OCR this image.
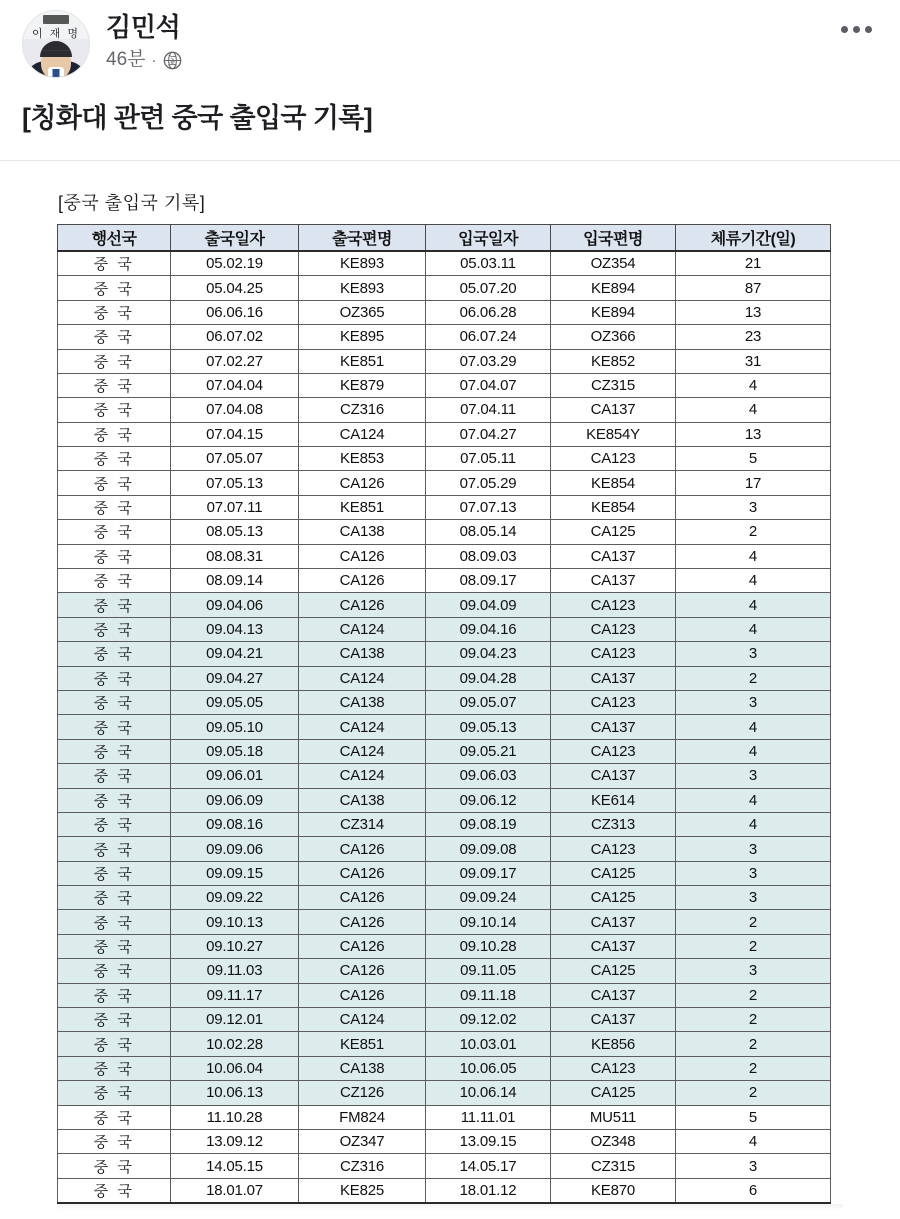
이 재 명	김민석
46분 ·
[칭화대 관련 중국 출입국 기록]
[중국 출입국 기록]
행선국	출국일자	출국편명	입국일자	입국편명	체류기간(일)
중 국	05.02.19	KE893	05.03.11	OZ354	21
중 국	05.04.25	KE893	05.07.20	KE894	87
중 국	06.06.16	OZ365	06.06.28	KE894	13
중 국	06.07.02	KE895	06.07.24	OZ366	23
중 국	07.02.27	KE851	07.03.29	KE852	31
중 국	07.04.04	KE879	07.04.07	CZ315	4
중 국	07.04.08	CZ316	07.04.11	CA137	4
중 국	07.04.15	CA124	07.04.27	KE854Y	13
중 국	07.05.07	KE853	07.05.11	CA123	5
중 국	07.05.13	CA126	07.05.29	KE854	17
중 국	07.07.11	KE851	07.07.13	KE854	3
중 국	08.05.13	CA138	08.05.14	CA125	2
중 국	08.08.31	CA126	08.09.03	CA137	4
중 국	08.09.14	CA126	08.09.17	CA137	4
중 국	09.04.06	CA126	09.04.09	CA123	4
중 국	09.04.13	CA124	09.04.16	CA123	4
중 국	09.04.21	CA138	09.04.23	CA123	3
중 국	09.04.27	CA124	09.04.28	CA137	2
중 국	09.05.05	CA138	09.05.07	CA123	3
중 국	09.05.10	CA124	09.05.13	CA137	4
중 국	09.05.18	CA124	09.05.21	CA123	4
중 국	09.06.01	CA124	09.06.03	CA137	3
중 국	09.06.09	CA138	09.06.12	KE614	4
중 국	09.08.16	CZ314	09.08.19	CZ313	4
중 국	09.09.06	CA126	09.09.08	CA123	3
중 국	09.09.15	CA126	09.09.17	CA125	3
중 국	09.09.22	CA126	09.09.24	CA125	3
중 국	09.10.13	CA126	09.10.14	CA137	2
중 국	09.10.27	CA126	09.10.28	CA137	2
중 국	09.11.03	CA126	09.11.05	CA125	3
중 국	09.11.17	CA126	09.11.18	CA137	2
중 국	09.12.01	CA124	09.12.02	CA137	2
중 국	10.02.28	KE851	10.03.01	KE856	2
중 국	10.06.04	CA138	10.06.05	CA123	2
중 국	10.06.13	CZ126	10.06.14	CA125	2
중 국	11.10.28	FM824	11.11.01	MU511	5
중 국	13.09.12	OZ347	13.09.15	OZ348	4
중 국	14.05.15	CZ316	14.05.17	CZ315	3
중 국	18.01.07	KE825	18.01.12	KE870	6
